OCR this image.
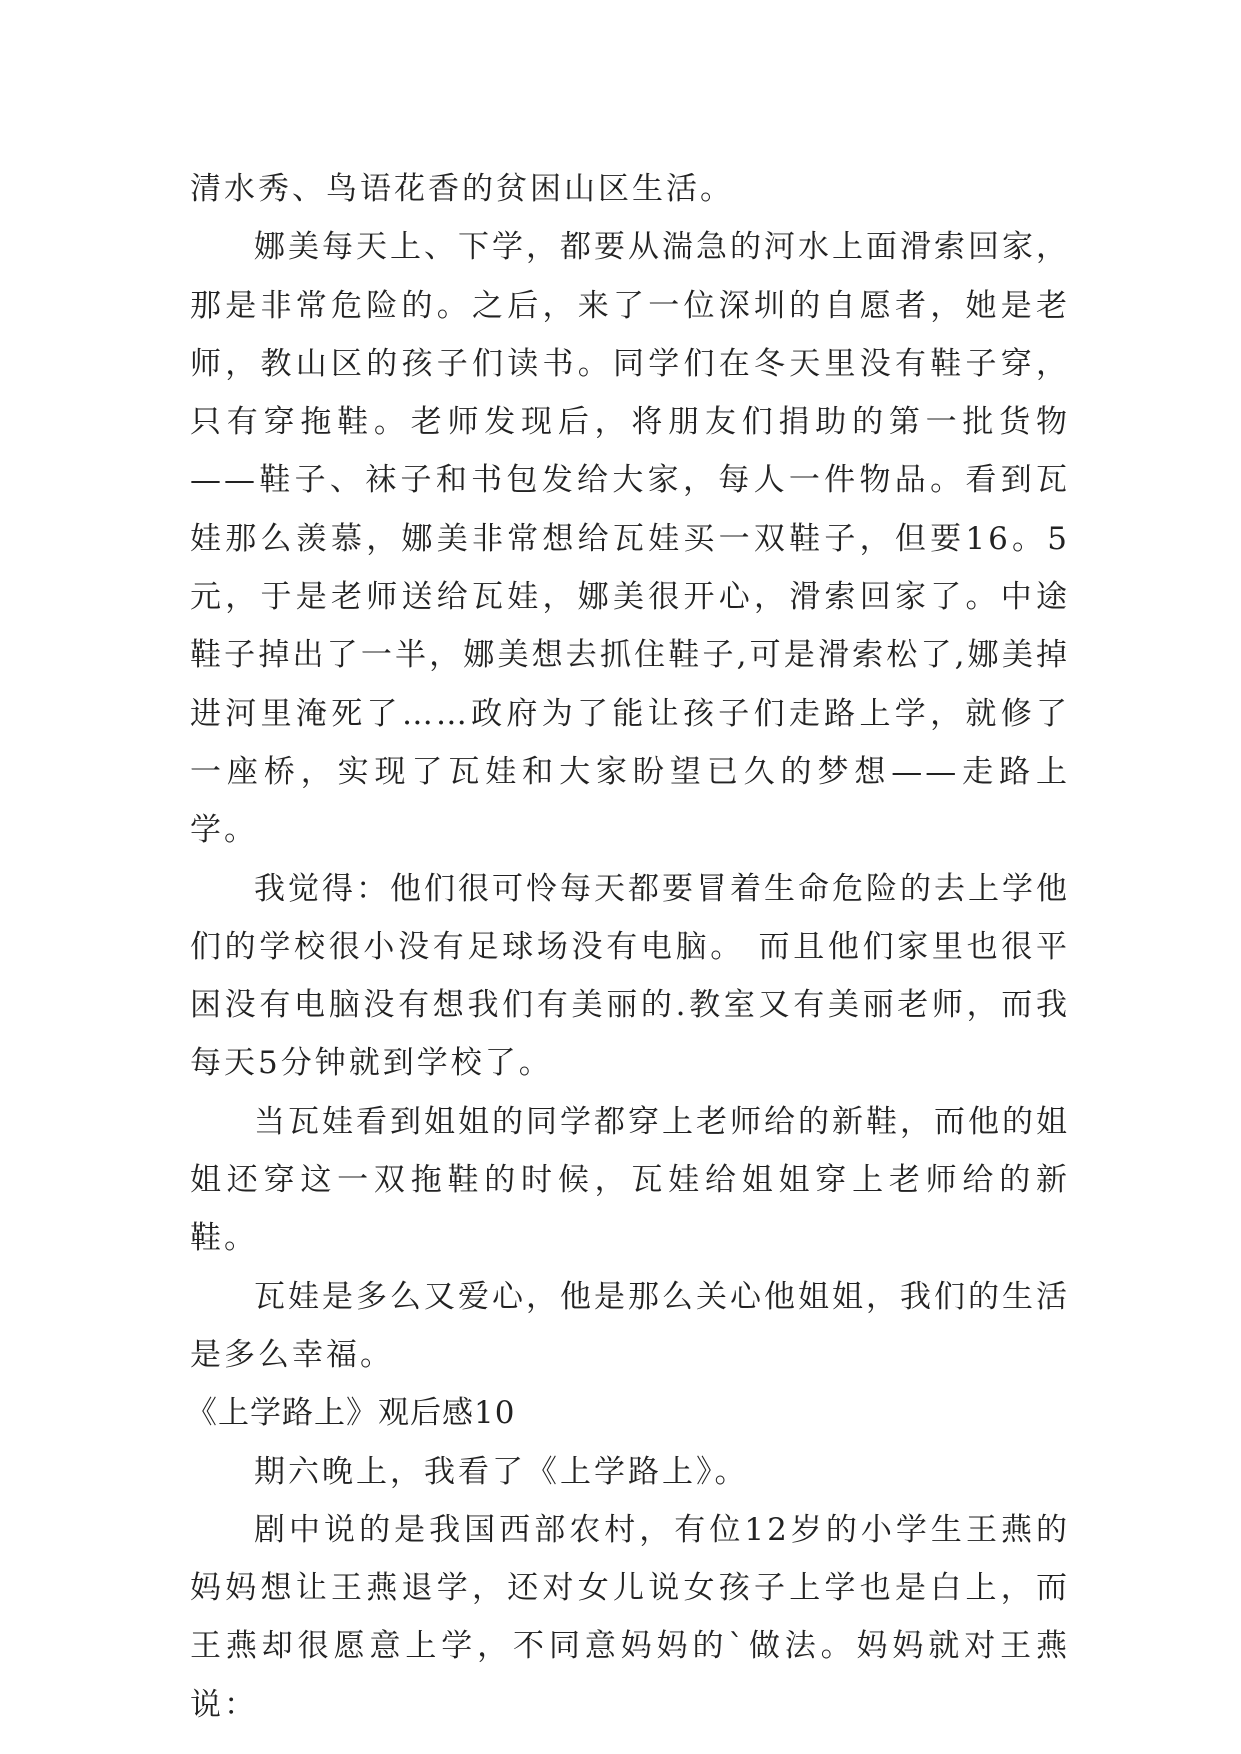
清水秀、鸟语花香的贫困山区生活。

娜美每天上、下学，都要从湍急的河水上面滑索回家，那是非常危险的。之后，来了一位深圳的自愿者，她是老师，教山区的孩子们读书。同学们在冬天里没有鞋子穿，只有穿拖鞋。老师发现后，将朋友们捐助的第一批货物——鞋子、袜子和书包发给大家，每人一件物品。看到瓦娃那么羡慕，娜美非常想给瓦娃买一双鞋子，但要16。5元，于是老师送给瓦娃，娜美很开心，滑索回家了。中途鞋子掉出了一半，娜美想去抓住鞋子,可是滑索松了,娜美掉进河里淹死了……政府为了能让孩子们走路上学，就修了一座桥，实现了瓦娃和大家盼望已久的梦想——走路上学。

我觉得：他们很可怜每天都要冒着生命危险的去上学他们的学校很小没有足球场没有电脑。 而且他们家里也很平困没有电脑没有想我们有美丽的.教室又有美丽老师，而我每天5分钟就到学校了。

当瓦娃看到姐姐的同学都穿上老师给的新鞋，而他的姐姐还穿这一双拖鞋的时候，瓦娃给姐姐穿上老师给的新鞋。

瓦娃是多么又爱心，他是那么关心他姐姐，我们的生活是多么幸福。

《上学路上》观后感10

期六晚上，我看了《上学路上》。

剧中说的是我国西部农村，有位12岁的小学生王燕的妈妈想让王燕退学，还对女儿说女孩子上学也是白上，而王燕却很愿意上学，不同意妈妈的`做法。妈妈就对王燕说：
